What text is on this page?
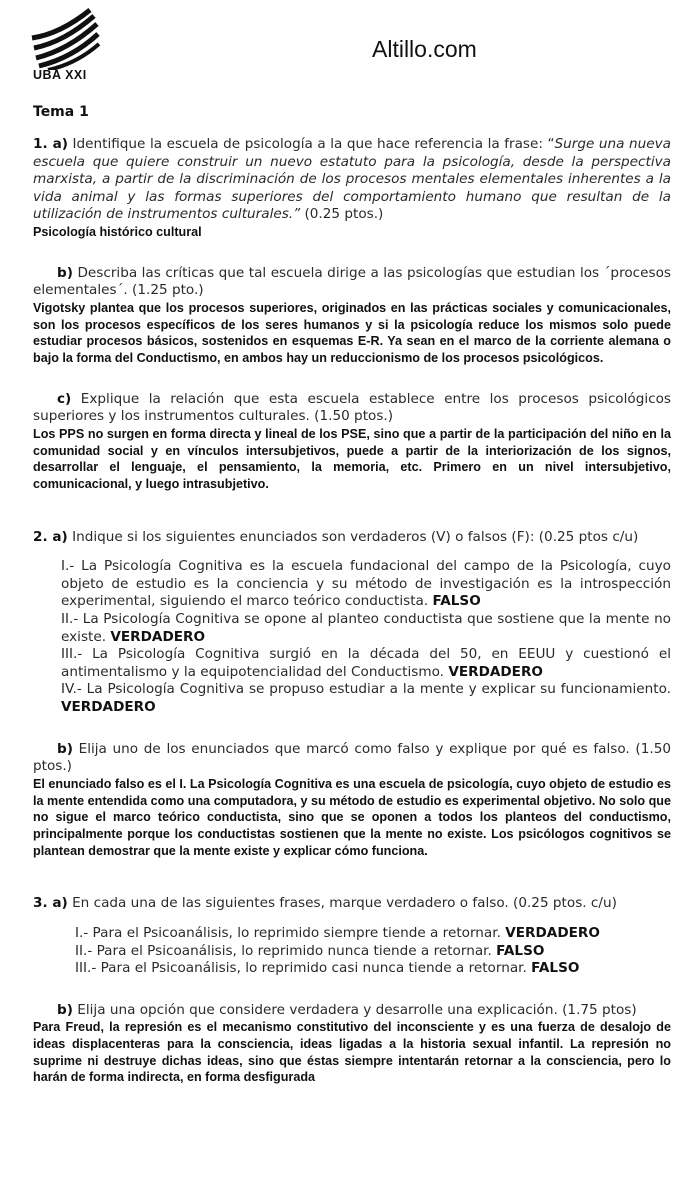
UBA XXI
Altillo.com

Tema 1

1. a) Identifique la escuela de psicología a la que hace referencia la frase: “Surge una nueva escuela que quiere construir un nuevo estatuto para la psicología, desde la perspectiva marxista, a partir de la discriminación de los procesos mentales elementales inherentes a la vida animal y las formas superiores del comportamiento humano que resultan de la utilización de instrumentos culturales.” (0.25 ptos.)

Psicología histórico cultural

b) Describa las críticas que tal escuela dirige a las psicologías que estudian los ´procesos elementales´. (1.25 pto.)

Vigotsky plantea que los procesos superiores, originados en las prácticas sociales y comunicacionales, son los procesos específicos de los seres humanos y si la psicología reduce los mismos solo puede estudiar procesos básicos, sostenidos en esquemas E-R. Ya sean en el marco de la corriente alemana o bajo la forma del Conductismo, en ambos hay un reduccionismo de los procesos psicológicos.

c) Explique la relación que esta escuela establece entre los procesos psicológicos superiores y los instrumentos culturales. (1.50 ptos.)

Los PPS no surgen en forma directa y lineal de los PSE, sino que a partir de la participación del niño en la comunidad social y en vínculos intersubjetivos, puede a partir de la interiorización de los signos, desarrollar el lenguaje, el pensamiento, la memoria, etc. Primero en un nivel intersubjetivo, comunicacional, y luego intrasubjetivo.

2. a) Indique si los siguientes enunciados son verdaderos (V) o falsos (F): (0.25 ptos c/u)

I.- La Psicología Cognitiva es la escuela fundacional del campo de la Psicología, cuyo objeto de estudio es la conciencia y su método de investigación es la introspección experimental, siguiendo el marco teórico conductista. FALSO

II.- La Psicología Cognitiva se opone al planteo conductista que sostiene que la mente no existe. VERDADERO

III.- La Psicología Cognitiva surgió en la década del 50, en EEUU y cuestionó el antimentalismo y la equipotencialidad del Conductismo. VERDADERO

IV.- La Psicología Cognitiva se propuso estudiar a la mente y explicar su funcionamiento. VERDADERO

b) Elija uno de los enunciados que marcó como falso y explique por qué es falso. (1.50 ptos.)

El enunciado falso es el I. La Psicología Cognitiva es una escuela de psicología, cuyo objeto de estudio es la mente entendida como una computadora, y su método de estudio es experimental objetivo. No solo que no sigue el marco teórico conductista, sino que se oponen a todos los planteos del conductismo, principalmente porque los conductistas sostienen que la mente no existe. Los psicólogos cognitivos se plantean demostrar que la mente existe y explicar cómo funciona.

3. a) En cada una de las siguientes frases, marque verdadero o falso. (0.25 ptos. c/u)

I.- Para el Psicoanálisis, lo reprimido siempre tiende a retornar. VERDADERO

II.- Para el Psicoanálisis, lo reprimido nunca tiende a retornar. FALSO

III.- Para el Psicoanálisis, lo reprimido casi nunca tiende a retornar. FALSO

b) Elija una opción que considere verdadera y desarrolle una explicación. (1.75 ptos)

Para Freud, la represión es el mecanismo constitutivo del inconsciente y es una fuerza de desalojo de ideas displacenteras para la consciencia, ideas ligadas a la historia sexual infantil. La represión no suprime ni destruye dichas ideas, sino que éstas siempre intentarán retornar a la consciencia, pero lo harán de forma indirecta, en forma desfigurada
